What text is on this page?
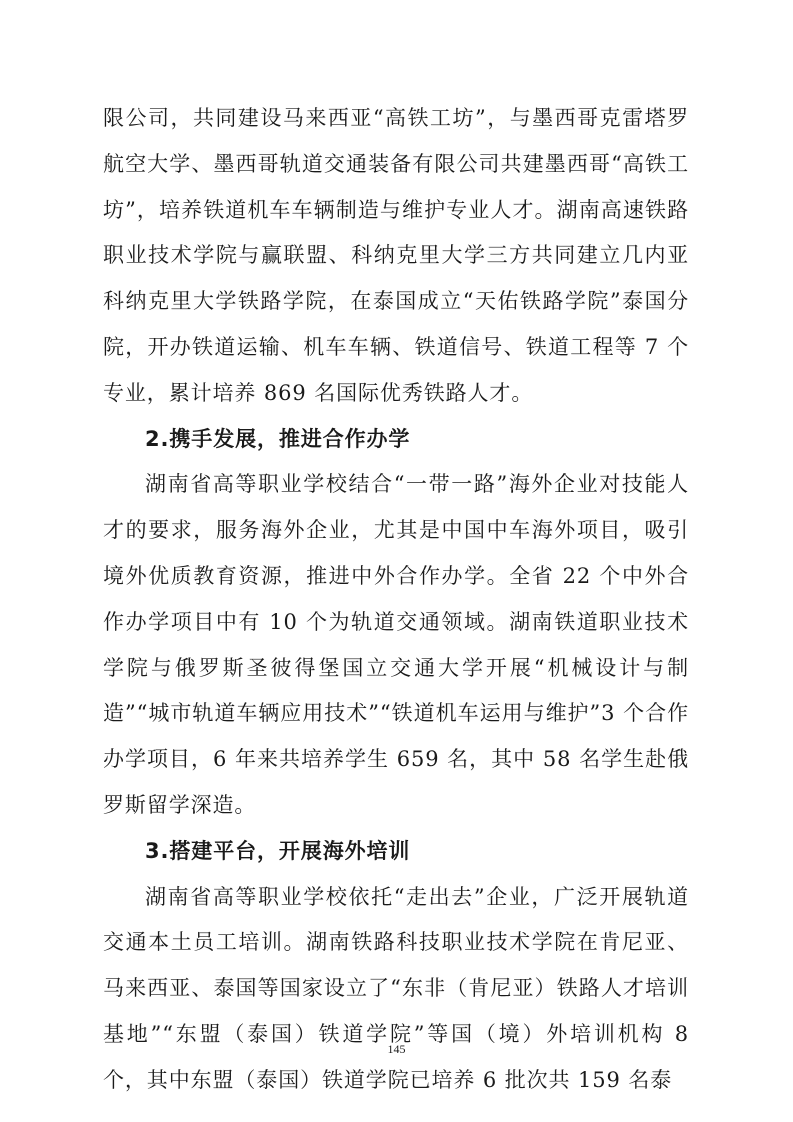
限公司，共同建设马来西亚“高铁工坊”，与墨西哥克雷塔罗航空大学、墨西哥轨道交通装备有限公司共建墨西哥“高铁工坊”，培养铁道机车车辆制造与维护专业人才。湖南高速铁路职业技术学院与赢联盟、科纳克里大学三方共同建立几内亚科纳克里大学铁路学院，在泰国成立“天佑铁路学院”泰国分院，开办铁道运输、机车车辆、铁道信号、铁道工程等 7 个专业，累计培养 869 名国际优秀铁路人才。

2.携手发展，推进合作办学

湖南省高等职业学校结合“一带一路”海外企业对技能人才的要求，服务海外企业，尤其是中国中车海外项目，吸引境外优质教育资源，推进中外合作办学。全省 22 个中外合作办学项目中有 10 个为轨道交通领域。湖南铁道职业技术学院与俄罗斯圣彼得堡国立交通大学开展“机械设计与制造”“城市轨道车辆应用技术”“铁道机车运用与维护”3 个合作办学项目，6 年来共培养学生 659 名，其中 58 名学生赴俄罗斯留学深造。

3.搭建平台，开展海外培训

湖南省高等职业学校依托“走出去”企业，广泛开展轨道交通本土员工培训。湖南铁路科技职业技术学院在肯尼亚、马来西亚、泰国等国家设立了“东非（肯尼亚）铁路人才培训基地”“东盟（泰国）铁道学院”等国（境）外培训机构 8 个，其中东盟（泰国）铁道学院已培养 6 批次共 159 名泰

145
